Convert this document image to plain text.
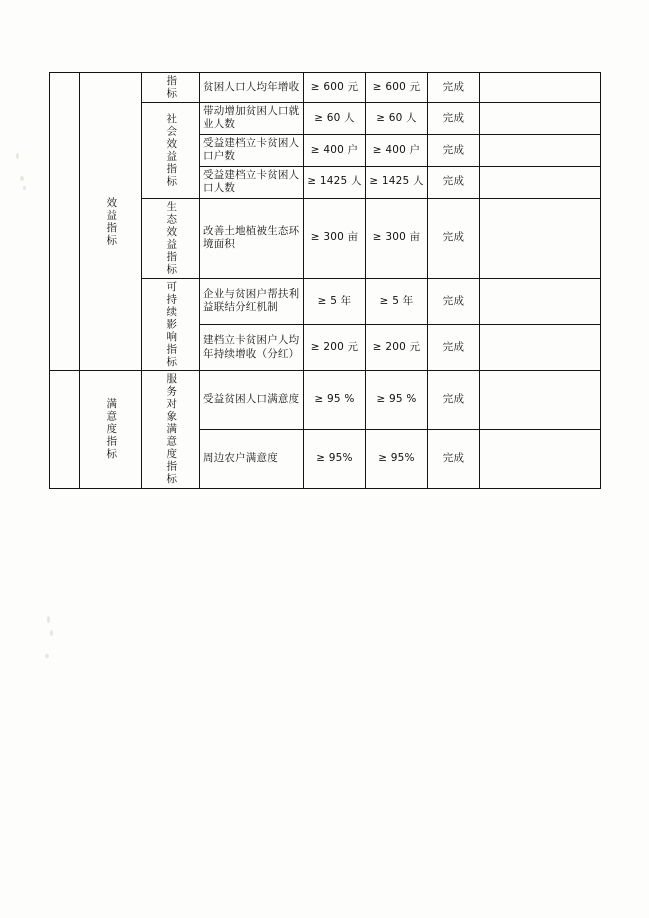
	效益指标	指标	贫困人口人均年增收	≥ 600 元	≥ 600 元	完成	

		社会效益指标	带动增加贫困人口就业人数	≥ 60 人	≥ 60 人	完成	
			受益建档立卡贫困人口户数	≥ 400 户	≥ 400 户	完成	
			受益建档立卡贫困人口人数	≥ 1425 人	≥ 1425 人	完成	

		生态效益指标	改善土地植被生态环境面积	≥ 300 亩	≥ 300 亩	完成	

		可持续影响指标	企业与贫困户帮扶利益联结分红机制	≥ 5 年	≥ 5 年	完成	
			建档立卡贫困户人均年持续增收（分红）	≥ 200 元	≥ 200 元	完成	

	满意度指标	服务对象满意度指标	受益贫困人口满意度	≥ 95 %	≥ 95 %	完成	
			周边农户满意度	≥ 95%	≥ 95%	完成	
